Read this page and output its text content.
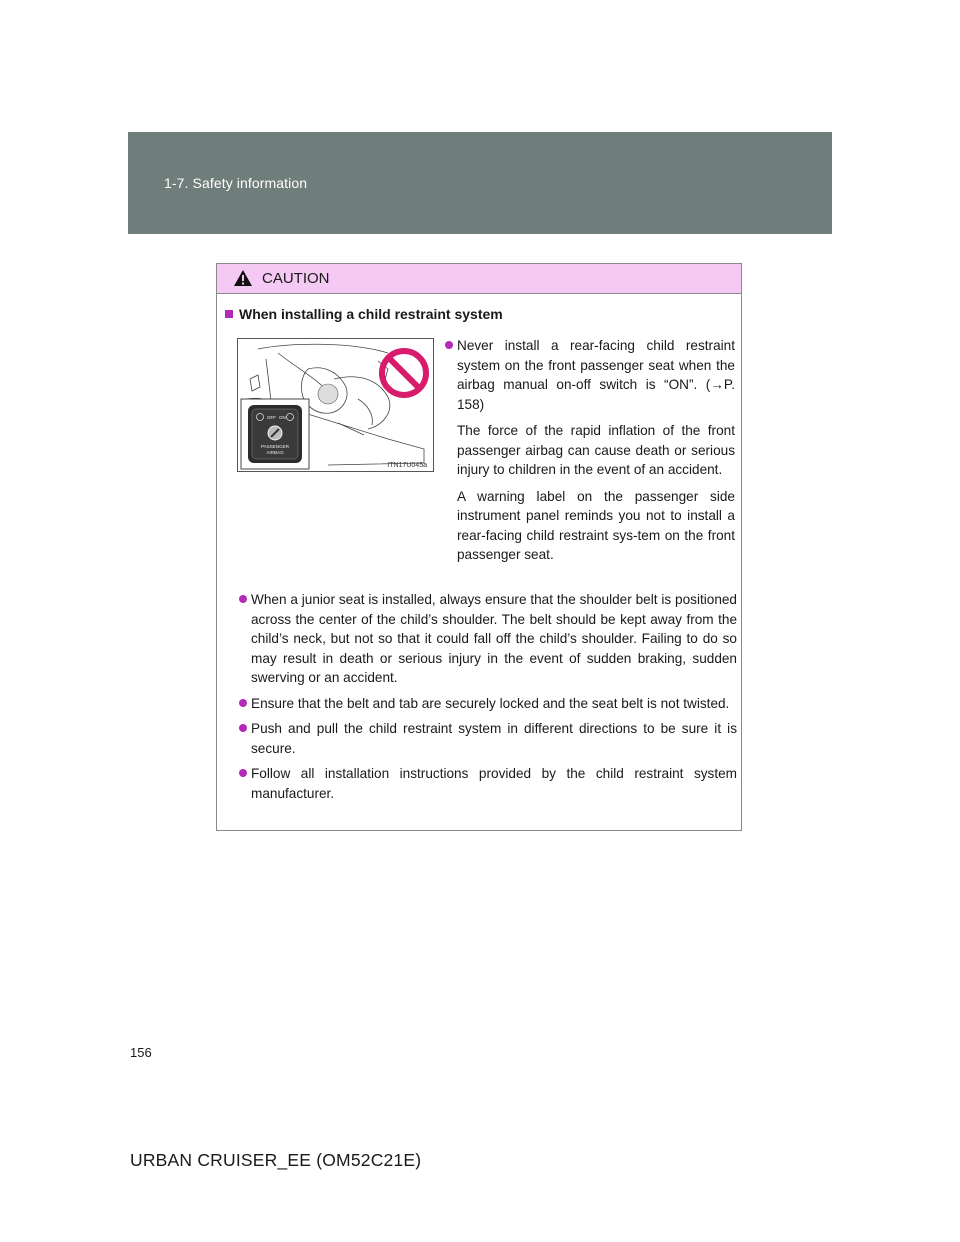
1-7. Safety information
CAUTION
When installing a child restraint system
OFF ON
PASSENGER
AIRBAG
ITN17U045a
Never install a rear-facing child restraint system on the front passenger seat when the airbag manual on-off switch is “ON”. (→P. 158)
The force of the rapid inflation of the front passenger airbag can cause death or serious injury to children in the event of an accident.
A warning label on the passenger side instrument panel reminds you not to install a rear-facing child restraint sys-tem on the front passenger seat.
When a junior seat is installed, always ensure that the shoulder belt is positioned across the center of the child’s shoulder. The belt should be kept away from the child’s neck, but not so that it could fall off the child’s shoulder. Failing to do so may result in death or serious injury in the event of sudden braking, sudden swerving or an accident.
Ensure that the belt and tab are securely locked and the seat belt is not twisted.
Push and pull the child restraint system in different directions to be sure it is secure.
Follow all installation instructions provided by the child restraint system manufacturer.
156
URBAN CRUISER_EE (OM52C21E)
